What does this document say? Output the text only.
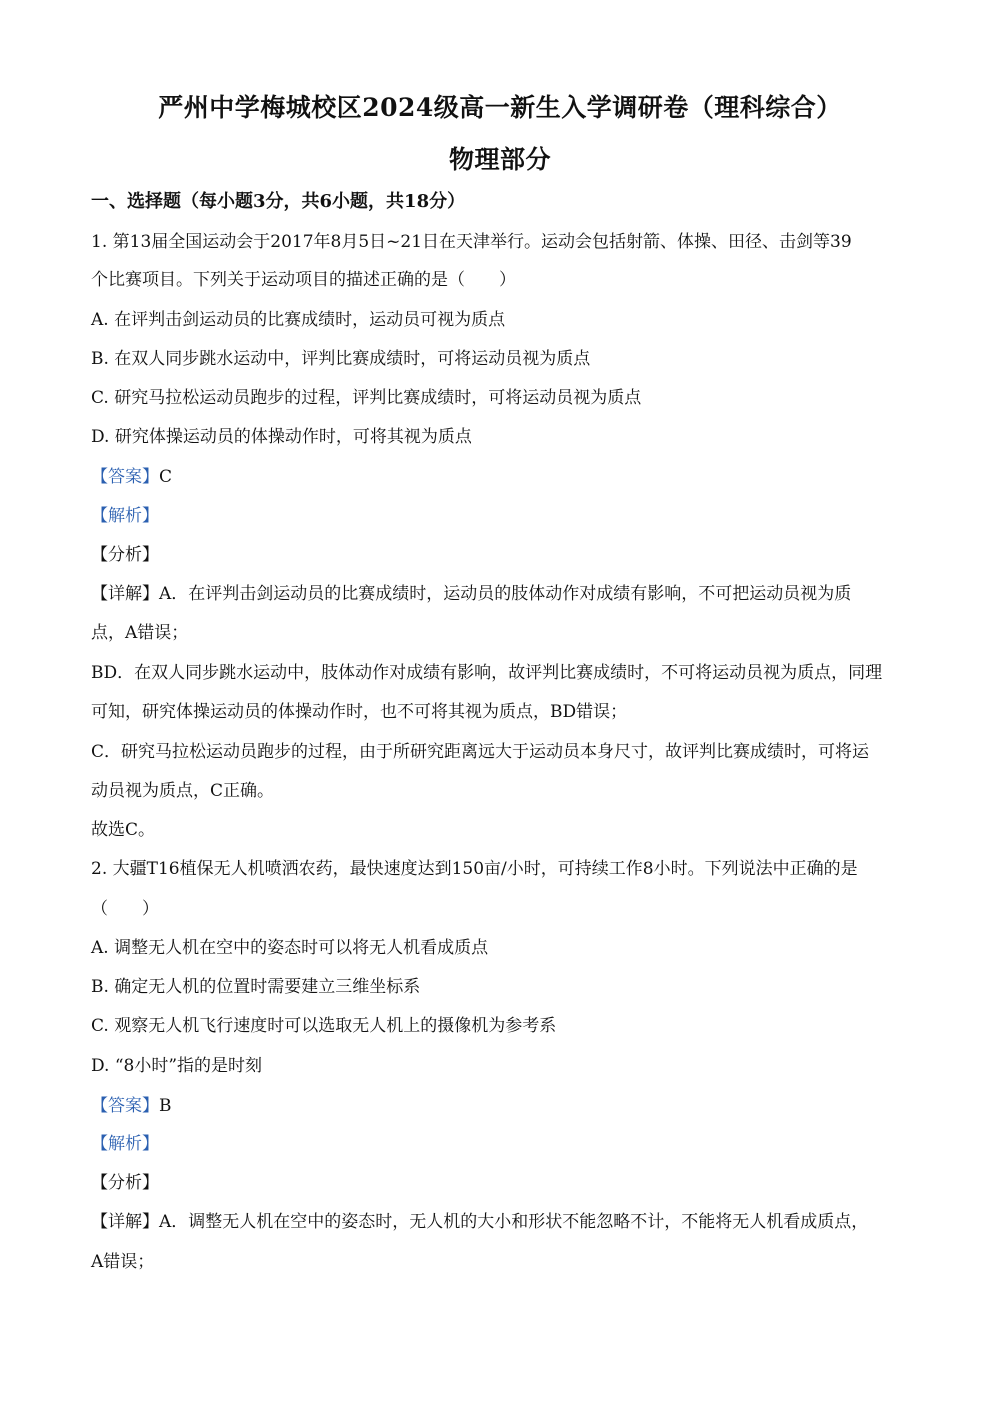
严州中学梅城校区2024级高一新生入学调研卷（理科综合）
物理部分
一、选择题（每小题3分，共6小题，共18分）
1. 第13届全国运动会于2017年8月5日~21日在天津举行。运动会包括射箭、体操、田径、击剑等39
个比赛项目。下列关于运动项目的描述正确的是（　　）
A. 在评判击剑运动员的比赛成绩时，运动员可视为质点
B. 在双人同步跳水运动中，评判比赛成绩时，可将运动员视为质点
C. 研究马拉松运动员跑步的过程，评判比赛成绩时，可将运动员视为质点
D. 研究体操运动员的体操动作时，可将其视为质点
【答案】C
【解析】
【分析】
【详解】A．在评判击剑运动员的比赛成绩时，运动员的肢体动作对成绩有影响，不可把运动员视为质
点，A错误；
BD．在双人同步跳水运动中，肢体动作对成绩有影响，故评判比赛成绩时，不可将运动员视为质点，同理
可知，研究体操运动员的体操动作时，也不可将其视为质点，BD错误；
C．研究马拉松运动员跑步的过程，由于所研究距离远大于运动员本身尺寸，故评判比赛成绩时，可将运
动员视为质点，C正确。
故选C。
2. 大疆T16植保无人机喷洒农药，最快速度达到150亩/小时，可持续工作8小时。下列说法中正确的是
（　　）
A. 调整无人机在空中的姿态时可以将无人机看成质点
B. 确定无人机的位置时需要建立三维坐标系
C. 观察无人机飞行速度时可以选取无人机上的摄像机为参考系
D. “8小时”指的是时刻
【答案】B
【解析】
【分析】
【详解】A．调整无人机在空中的姿态时，无人机的大小和形状不能忽略不计，不能将无人机看成质点，
A错误；
